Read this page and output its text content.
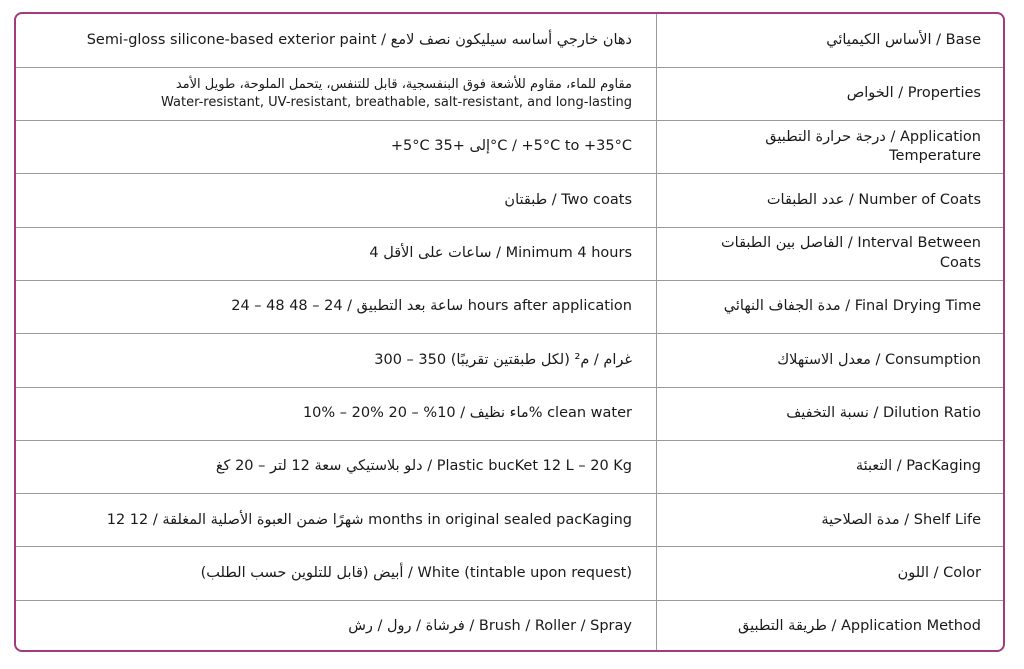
Semi-gloss silicone-based exterior paint / دهان خارجي أساسه سيليكون نصف لامع	الأساس الكيميائي / Base

مقاوم للماء، مقاوم للأشعة فوق البنفسجية، قابل للتنفس، يتحمل الملوحة، طويل الأمد
Water-resistant, UV-resistant, breathable, salt-resistant, and long-lasting	الخواص / Properties

+5°C إلى +35°C / +5°C to +35°C	درجة حرارة التطبيق / Application Temperature

طبقتان / Two coats	عدد الطبقات / Number of Coats

4 ساعات على الأقل / Minimum 4 hours	الفاصل بين الطبقات / Interval Between Coats

24 – 48 ساعة بعد التطبيق / 24 – 48 hours after application	مدة الجفاف النهائي / Final Drying Time

300 – 350 غرام / م² (لكل طبقتين تقريبًا)	معدل الاستهلاك / Consumption

10% – 20% ماء نظيف / 10% – 20% clean water	نسبة التخفيف / Dilution Ratio

دلو بلاستيكي سعة 12 لتر – 20 كغ / Plastic bucKet 12 L – 20 Kg	التعبئة / PacKaging

12 شهرًا ضمن العبوة الأصلية المغلقة / 12 months in original sealed pacKaging	مدة الصلاحية / Shelf Life

أبيض (قابل للتلوين حسب الطلب) / White (tintable upon request)	اللون / Color

فرشاة / رول / رش / Brush / Roller / Spray	طريقة التطبيق / Application Method
